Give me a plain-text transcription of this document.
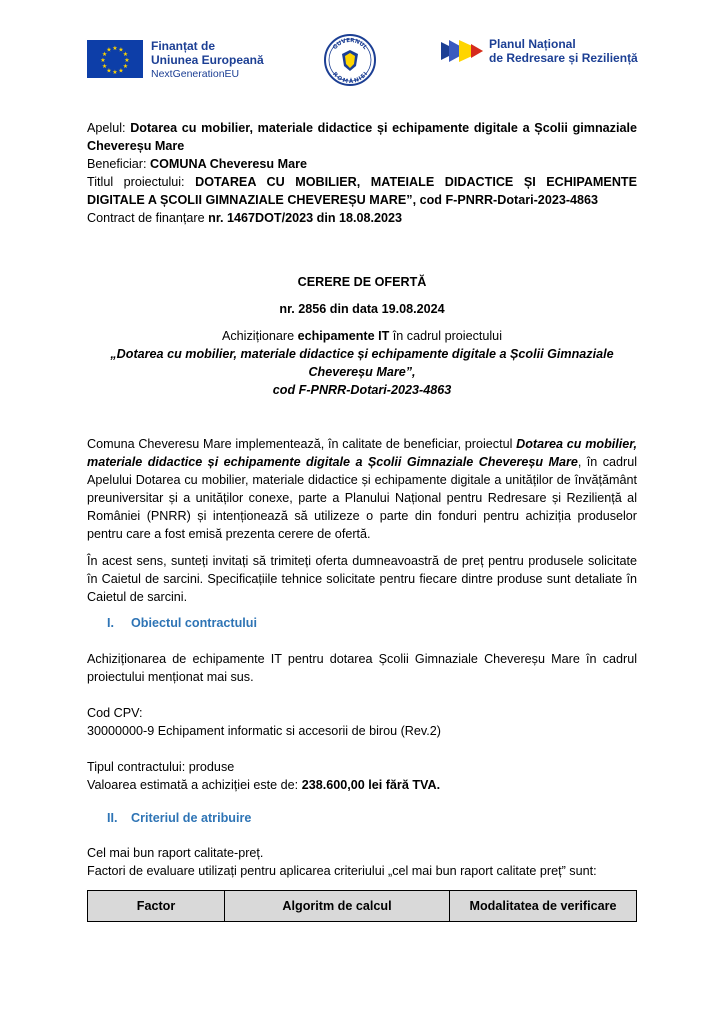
★ ★
★
★
★
★
★
★
★
★
★
★	Finanțat de
Uniunea Europeană
NextGenerationEU
GUVERNUL
ROMÂNIEI
Planul Național
de Redresare și Reziliență

Apelul: Dotarea cu mobilier, materiale didactice și echipamente digitale a Școlii gimnaziale Chevereșu Mare

Beneficiar: COMUNA Cheveresu Mare

Titlul proiectului: DOTAREA CU MOBILIER, MATEIALE DIDACTICE ȘI ECHIPAMENTE DIGITALE A ȘCOLII GIMNAZIALE CHEVEREȘU MARE”, cod F-PNRR-Dotari-2023-4863

Contract de finanțare nr. 1467DOT/2023 din 18.08.2023

CERERE DE OFERTĂ

nr. 2856 din data 19.08.2024

Achiziționare echipamente IT în cadrul proiectului

„Dotarea cu mobilier, materiale didactice și echipamente digitale a Școlii Gimnaziale Chevereșu Mare”,

cod F-PNRR-Dotari-2023-4863

Comuna Cheveresu Mare implementează, în calitate de beneficiar, proiectul Dotarea cu mobilier, materiale didactice și echipamente digitale a Școlii Gimnaziale Chevereșu Mare, în cadrul Apelului Dotarea cu mobilier, materiale didactice și echipamente digitale a unităților de învățământ preuniversitar și a unităților conexe, parte a Planului Național pentru Redresare și Reziliență al României (PNRR) și intenționează să utilizeze o parte din fonduri pentru achiziția produselor pentru care a fost emisă prezenta cerere de ofertă.

În acest sens, sunteți invitați să trimiteți oferta dumneavoastră de preț pentru produsele solicitate în Caietul de sarcini. Specificațiile tehnice solicitate pentru fiecare dintre produse sunt detaliate în Caietul de sarcini.

I. Obiectul contractului

Achiziționarea de echipamente IT pentru dotarea Școlii Gimnaziale Chevereșu Mare în cadrul proiectului menționat mai sus.

Cod CPV:

30000000-9 Echipament informatic si accesorii de birou (Rev.2)

Tipul contractului: produse

Valoarea estimată a achiziției este de: 238.600,00 lei fără TVA.

II. Criteriul de atribuire

Cel mai bun raport calitate-preț.

Factori de evaluare utilizați pentru aplicarea criteriului „cel mai bun raport calitate preț” sunt:

Factor	Algoritm de calcul	Modalitatea de verificare
